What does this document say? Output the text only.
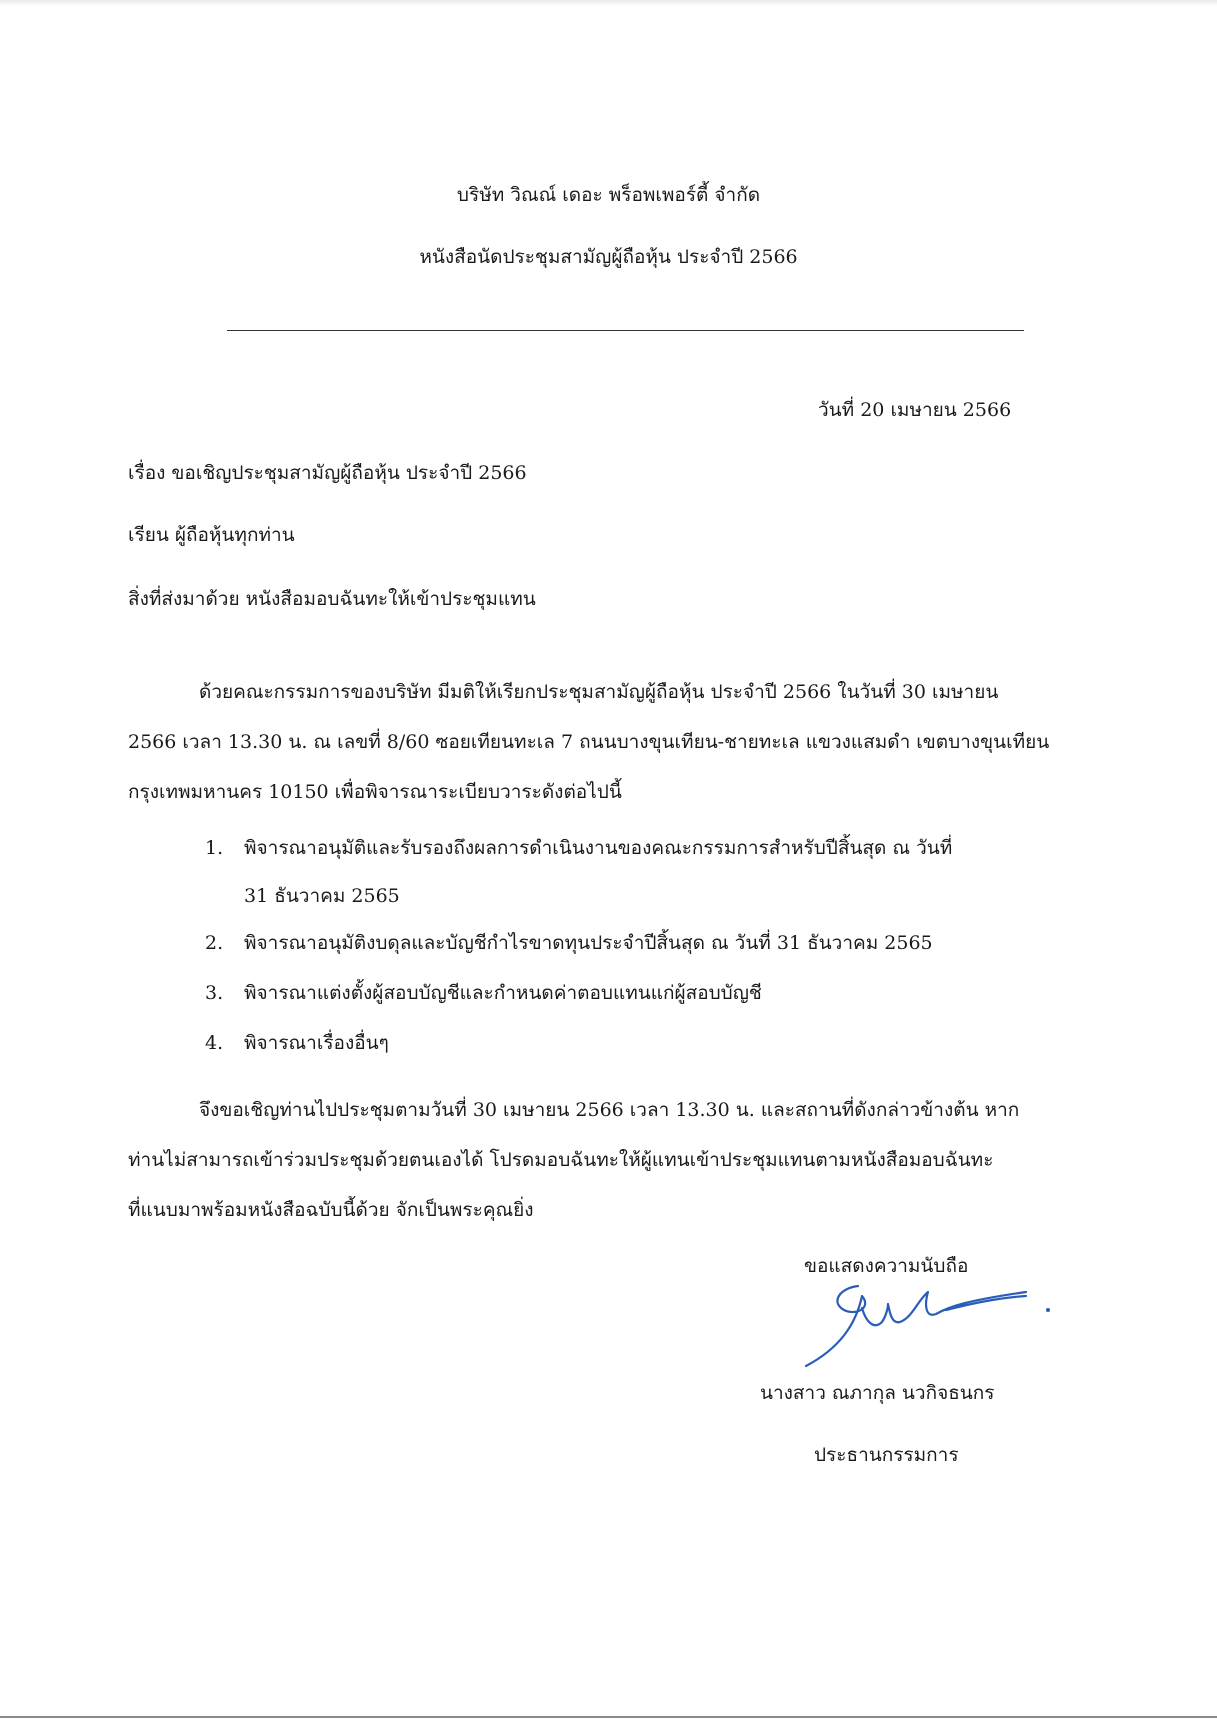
บริษัท วิณณ์ เดอะ พร็อพเพอร์ตี้ จำกัด

หนังสือนัดประชุมสามัญผู้ถือหุ้น ประจำปี 2566

วันที่ 20 เมษายน 2566

เรื่อง ขอเชิญประชุมสามัญผู้ถือหุ้น ประจำปี 2566

เรียน ผู้ถือหุ้นทุกท่าน

สิ่งที่ส่งมาด้วย หนังสือมอบฉันทะให้เข้าประชุมแทน

ด้วยคณะกรรมการของบริษัท มีมติให้เรียกประชุมสามัญผู้ถือหุ้น ประจำปี 2566 ในวันที่ 30 เมษายน

2566 เวลา 13.30 น. ณ เลขที่ 8/60 ซอยเทียนทะเล 7 ถนนบางขุนเทียน-ชายทะเล แขวงแสมดำ เขตบางขุนเทียน

กรุงเทพมหานคร 10150 เพื่อพิจารณาระเบียบวาระดังต่อไปนี้

1. พิจารณาอนุมัติและรับรองถึงผลการดำเนินงานของคณะกรรมการสำหรับปีสิ้นสุด ณ วันที่
31 ธันวาคม 2565
2. พิจารณาอนุมัติงบดุลและบัญชีกำไรขาดทุนประจำปีสิ้นสุด ณ วันที่ 31 ธันวาคม 2565
3. พิจารณาแต่งตั้งผู้สอบบัญชีและกำหนดค่าตอบแทนแก่ผู้สอบบัญชี
4. พิจารณาเรื่องอื่นๆ

จึงขอเชิญท่านไปประชุมตามวันที่ 30 เมษายน 2566 เวลา 13.30 น. และสถานที่ดังกล่าวข้างต้น หาก

ท่านไม่สามารถเข้าร่วมประชุมด้วยตนเองได้ โปรดมอบฉันทะให้ผู้แทนเข้าประชุมแทนตามหนังสือมอบฉันทะ

ที่แนบมาพร้อมหนังสือฉบับนี้ด้วย จักเป็นพระคุณยิ่ง

ขอแสดงความนับถือ

นางสาว ณภากุล นวกิจธนกร

ประธานกรรมการ
